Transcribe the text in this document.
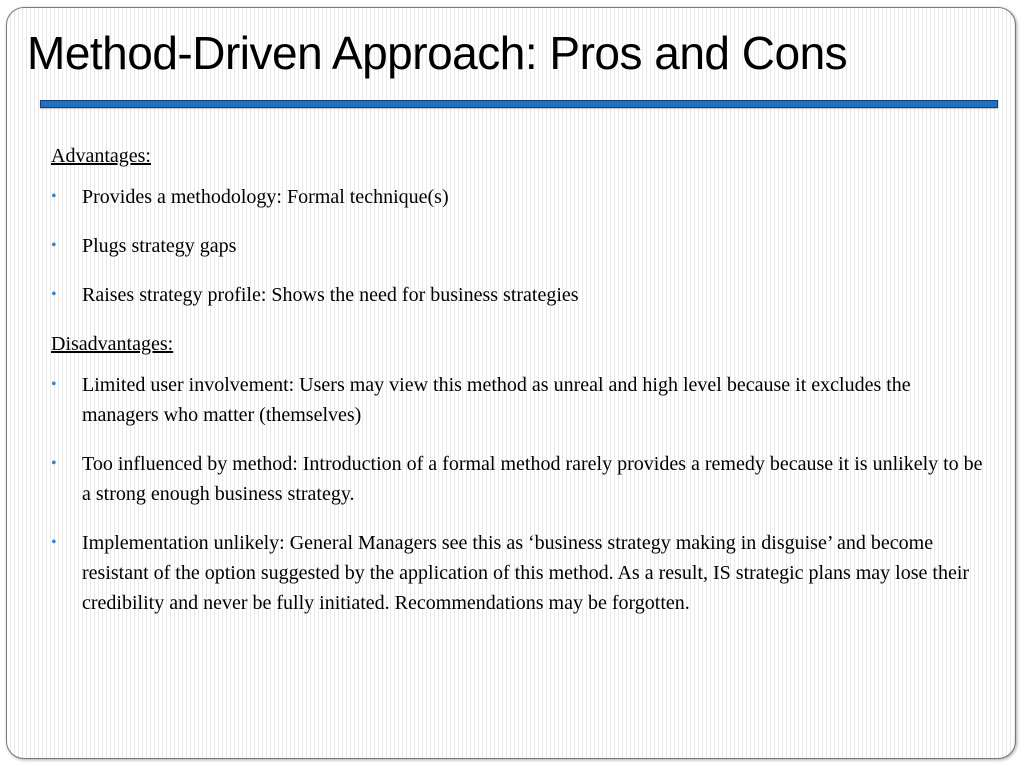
Method-Driven Approach: Pros and Cons

Advantages:

• Provides a methodology: Formal technique(s)
• Plugs strategy gaps
• Raises strategy profile: Shows the need for business strategies

Disadvantages:

• Limited user involvement: Users may view this method as unreal and high level because it excludes the managers who matter (themselves)
• Too influenced by method: Introduction of a formal method rarely provides a remedy because it is unlikely to be a strong enough business strategy.
• Implementation unlikely: General Managers see this as ‘business strategy making in disguise’ and become resistant of the option suggested by the application of this method. As a result, IS strategic plans may lose their credibility and never be fully initiated. Recommendations may be forgotten.
